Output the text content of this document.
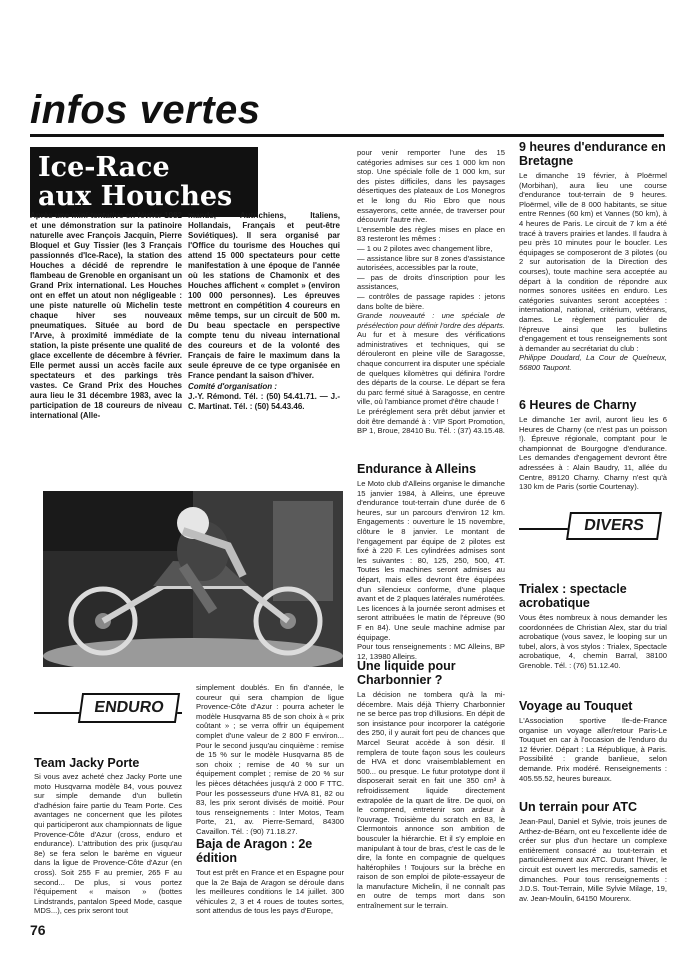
infos vertes
Ice-Race
aux Houches

Après une mini-tentative en février 1982 et une démonstration sur la patinoire naturelle avec François Jacquin, Pierre Bloquel et Guy Tissier (les 3 Français passionnés d'Ice-Race), la station des Houches a décidé de reprendre le flambeau de Grenoble en organisant un Grand Prix international. Les Houches ont en effet un atout non négligeable : une piste naturelle où Michelin teste chaque hiver ses nouveaux pneumatiques. Située au bord de l'Arve, à proximité immédiate de la station, la piste présente une qualité de glace excellente de décembre à février. Elle permet aussi un accès facile aux spectateurs et des parkings très vastes. Ce Grand Prix des Houches aura lieu le 31 décembre 1983, avec la participation de 18 coureurs de niveau international (Alle-

mands, Autrichiens, Italiens, Hollandais, Français et peut-être Soviétiques). Il sera organisé par l'Office du tourisme des Houches qui attend 15 000 spectateurs pour cette manifestation à une époque de l'année où les stations de Chamonix et des Houches affichent « complet » (environ 100 000 personnes). Les épreuves mettront en compétition 4 coureurs en même temps, sur un circuit de 500 m. Du beau spectacle en perspective compte tenu du niveau international des coureurs et de la volonté des Français de faire le maximum dans la seule épreuve de ce type organisée en France pendant la saison d'hiver.

Comité d'organisation :

J.-Y. Rémond. Tél. : (50) 54.41.71. — J.-C. Martinat. Tél. : (50) 54.43.46.

pour venir remporter l'une des 15 catégories admises sur ces 1 000 km non stop. Une spéciale folle de 1 000 km, sur des pistes difficiles, dans les paysages désertiques des plateaux de Los Monegros et le long du Rio Ebro que nous essayerons, cette année, de traverser pour découvrir l'autre rive.

L'ensemble des règles mises en place en 83 resteront les mêmes :

— 1 ou 2 pilotes avec changement libre,

— assistance libre sur 8 zones d'assistance autorisées, accessibles par la route,

— pas de droits d'inscription pour les assistances,

— contrôles de passage rapides : jetons dans boîte de bière.

Grande nouveauté : une spéciale de présélection pour définir l'ordre des départs.

Au fur et à mesure des vérifications administratives et techniques, qui se dérouleront en pleine ville de Saragosse, chaque concurrent ira disputer une spéciale de quelques kilomètres qui définira l'ordre des départs de la course. Le départ se fera du parc fermé situé à Saragosse, en centre ville, où l'ambiance promet d'être chaude !

Le préréglement sera prêt début janvier et doit être demandé à : VIP Sport Promotion, BP 1, Broue, 28410 Bu. Tél. : (37) 43.15.48.

Endurance à Alleins

Le Moto club d'Alleins organise le dimanche 15 janvier 1984, à Alleins, une épreuve d'endurance tout-terrain d'une durée de 6 heures, sur un parcours d'environ 12 km. Engagements : ouverture le 15 novembre, clôture le 8 janvier. Le montant de l'engagement par équipe de 2 pilotes est fixé à 220 F. Les cylindrées admises sont les suivantes : 80, 125, 250, 500, 4T. Toutes les machines seront admises au départ, mais elles devront être équipées d'un silencieux conforme, d'une plaque avant et de 2 plaques latérales numérotées. Les licences à la journée seront admises et seront attribuées le matin de l'épreuve (90 F en 84). Une seule machine admise par équipage.

Pour tous renseignements : MC Alleins, BP 12, 13980 Alleins.

Une liquide pour Charbonnier ?

La décision ne tombera qu'à la mi-décembre. Mais déjà Thierry Charbonnier ne se berce pas trop d'illusions. En dépit de son insistance pour incorporer la catégorie des 250, il y aurait fort peu de chances que Marcel Seurat accède à son désir. Il remplera de toute façon sous les couleurs de HVA et donc vraisemblablement en 500... ou presque. Le futur prototype dont il disposerait serait en fait une 350 cm³ à refroidissement liquide directement extrapolée de la quart de litre. De quoi, on le comprend, entretenir son ardeur à l'ouvrage. Troisième du scratch en 83, le Clermontois annonce son ambition de bousculer la hiérarchie. Et il s'y emploie en manipulant à tour de bras, c'est le cas de le dire, la fonte en compagnie de quelques haltérophiles ! Toujours sur la brèche en raison de son emploi de pilote-essayeur de la manufacture Michelin, il ne connaît pas en outre de temps mort dans son entraînement sur le terrain.

9 heures d'endurance en Bretagne

Le dimanche 19 février, à Ploërmel (Morbihan), aura lieu une course d'endurance tout-terrain de 9 heures. Ploërmel, ville de 8 000 habitants, se situe entre Rennes (60 km) et Vannes (50 km), à 4 heures de Paris. Le circuit de 7 km a été tracé à travers prairies et landes. Il faudra à peu près 10 minutes pour le boucler. Les équipages se composeront de 3 pilotes (ou 2 sur autorisation de la Direction des courses), toute machine sera acceptée au départ à la condition de répondre aux normes sonores usitées en enduro. Les catégories suivantes seront acceptées : international, national, critérium, vétérans, dames. Le règlement particulier de l'épreuve ainsi que les bulletins d'engagement et tous renseignements sont à demander au secrétariat du club :

Philippe Doudard, La Cour de Quelneux, 56800 Taupont.

6 Heures de Charny

Le dimanche 1er avril, auront lieu les 6 Heures de Charny (ce n'est pas un poisson !). Épreuve régionale, comptant pour le championnat de Bourgogne d'endurance. Les demandes d'engagement devront être adressées à : Alain Baudry, 11, allée du Centre, 89120 Charny. Charny n'est qu'à 130 km de Paris (sortie Courtenay).

DIVERS
Trialex : spectacle acrobatique

Vous êtes nombreux à nous demander les coordonnées de Christian Alex, star du trial acrobatique (vous savez, le looping sur un tubel, alors, à vos stylos : Trialex, Spectacle acrobatique, 4, chemin Barral, 38100 Grenoble. Tél. : (76) 51.12.40.

Voyage au Touquet

L'Association sportive Ile-de-France organise un voyage aller/retour Paris-Le Touquet en car à l'occasion de l'enduro du 12 février. Départ : La République, à Paris. Possibilité : grande banlieue, selon demande. Prix modéré. Renseignements : 405.55.52, heures bureaux.

Un terrain pour ATC

Jean-Paul, Daniel et Sylvie, trois jeunes de Arthez-de-Béarn, ont eu l'excellente idée de créer sur plus d'un hectare un complexe entièrement consacré au tout-terrain et particulièrement aux ATC. Durant l'hiver, le circuit est ouvert les mercredis, samedis et dimanches. Pour tous renseignements : J.D.S. Tout-Terrain, Mille Sylvie Milage, 19, av. Jean-Moulin, 64150 Mourenx.

ENDURO
Team Jacky Porte

Si vous avez acheté chez Jacky Porte une moto Husqvarna modèle 84, vous pouvez sur simple demande d'un bulletin d'adhésion faire partie du Team Porte. Ces avantages ne concernent que les pilotes qui participeront aux championnats de ligue Provence-Côte d'Azur (cross, enduro et endurance). L'attribution des prix (jusqu'au 8e) se fera selon le barème en vigueur dans la ligue de Provence-Côte d'Azur (en cross). Soit 255 F au premier, 265 F au second... De plus, si vous portez l'équipement « maison » (bottes Lindstrands, pantalon Speed Mode, casque MDS...), ces prix seront tout

simplement doublés. En fin d'année, le coureur qui sera champion de ligue Provence-Côte d'Azur : pourra acheter le modèle Husqvarna 85 de son choix à « prix coûtant » ; se verra offrir un équipement complet d'une valeur de 2 800 F environ... Pour le second jusqu'au cinquième : remise de 15 % sur le modèle Husqvarna 85 de son choix ; remise de 40 % sur un équipement complet ; remise de 20 % sur les pièces détachées jusqu'à 2 000 F TTC. Pour les possesseurs d'une HVA 81, 82 ou 83, les prix seront divisés de moitié. Pour tous renseignements : Inter Motos, Team Porte, 21, av. Pierre-Semard, 84300 Cavaillon. Tél. : (90) 71.18.27.

Baja de Aragon : 2e édition

Tout est prêt en France et en Espagne pour que la 2e Baja de Aragon se déroule dans les meilleures conditions le 14 juillet. 300 véhicules 2, 3 et 4 roues de toutes sortes, sont attendus de tous les pays d'Europe,

76
